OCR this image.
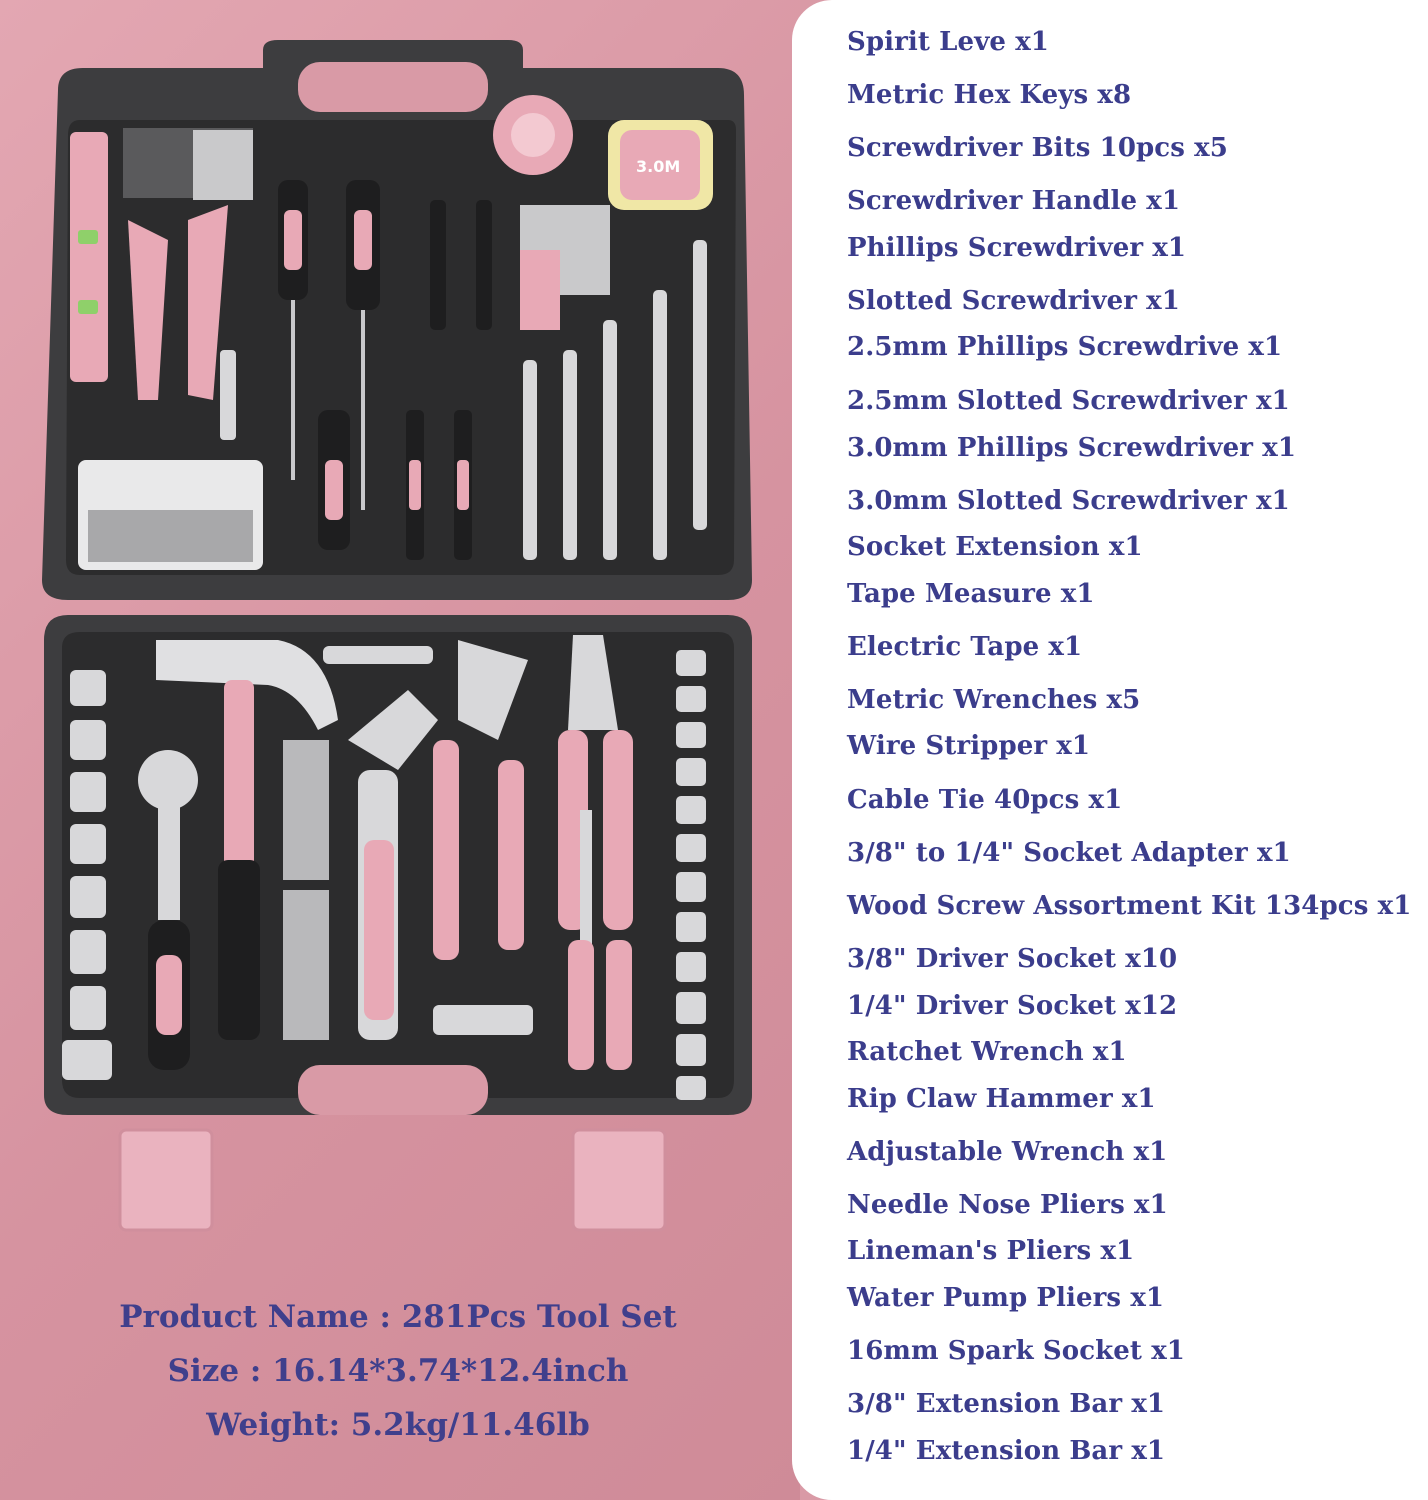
3.0M
Product Name : 281Pcs Tool Set
Size : 16.14*3.74*12.4inch
Weight: 5.2kg/11.46lb
Spirit Leve x1
Metric Hex Keys x8
Screwdriver Bits 10pcs x5
Screwdriver Handle x1
Phillips Screwdriver x1
Slotted Screwdriver x1
2.5mm Phillips Screwdrive x1
2.5mm Slotted Screwdriver x1
3.0mm Phillips Screwdriver x1
3.0mm Slotted Screwdriver x1
Socket Extension x1
Tape Measure x1
Electric Tape x1
Metric Wrenches x5
Wire Stripper x1
Cable Tie 40pcs x1
3/8" to 1/4" Socket Adapter x1
Wood Screw Assortment Kit 134pcs x1
3/8" Driver Socket x10
1/4" Driver Socket x12
Ratchet Wrench x1
Rip Claw Hammer x1
Adjustable Wrench x1
Needle Nose Pliers x1
Lineman's Pliers x1
Water Pump Pliers x1
16mm Spark Socket x1
3/8" Extension Bar x1
1/4" Extension Bar x1
